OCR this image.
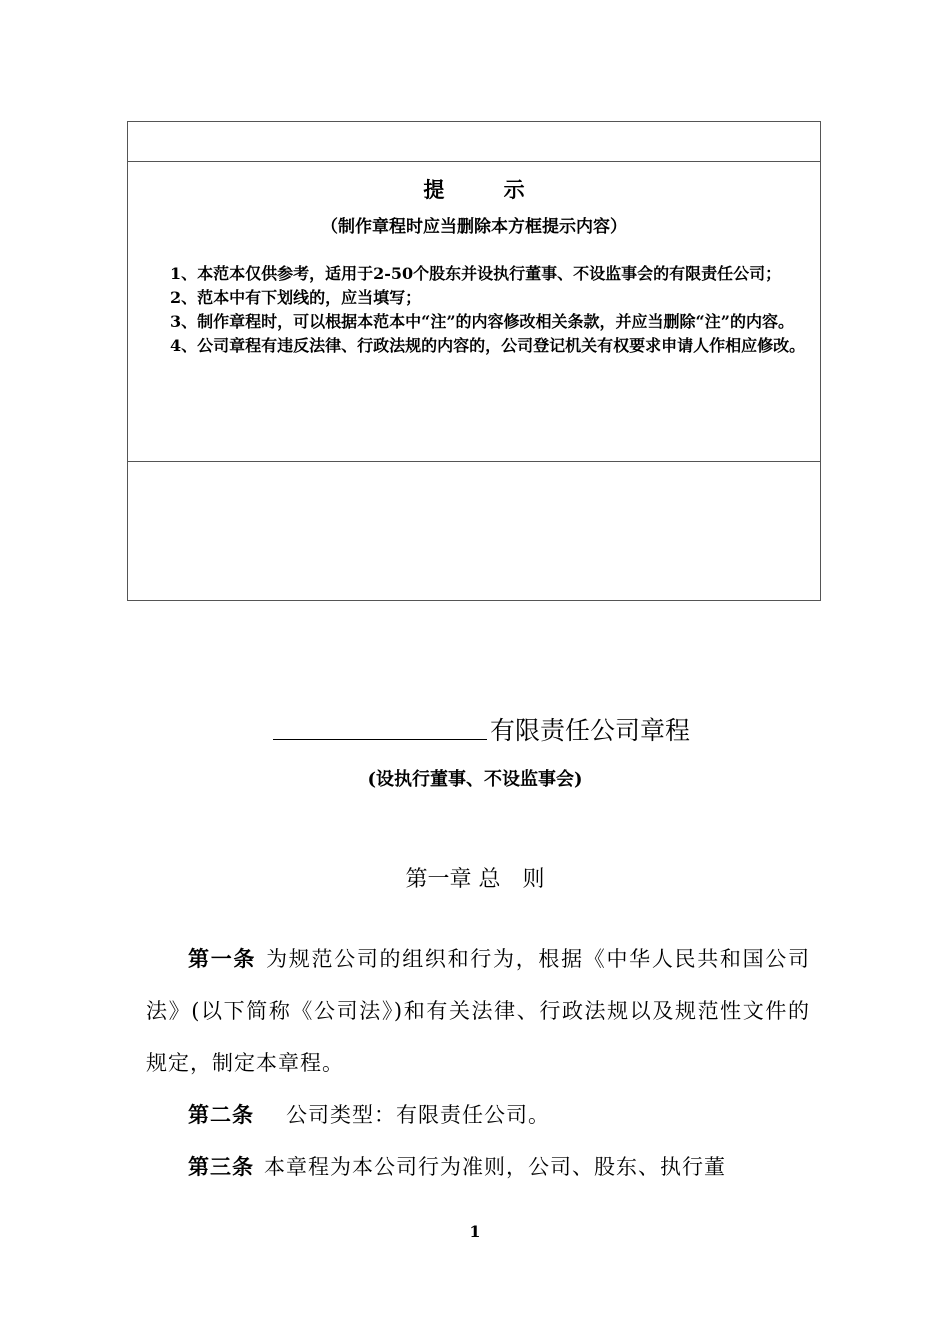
提 示
（制作章程时应当删除本方框提示内容）

1、本范本仅供参考，适用于2-50个股东并设执行董事、不设监事会的有限责任公司；

2、范本中有下划线的，应当填写；

3、制作章程时，可以根据本范本中“注”的内容修改相关条款，并应当删除“注”的内容。

4、公司章程有违反法律、行政法规的内容的，公司登记机关有权要求申请人作相应修改。

有限责任公司章程
(设执行董事、不设监事会)
第一章 总　则

第一条 为规范公司的组织和行为，根据《中华人民共和国公司法》(以下简称《公司法》)和有关法律、行政法规以及规范性文件的规定，制定本章程。

第二条　公司类型：有限责任公司。

第三条 本章程为本公司行为准则，公司、股东、执行董

1
